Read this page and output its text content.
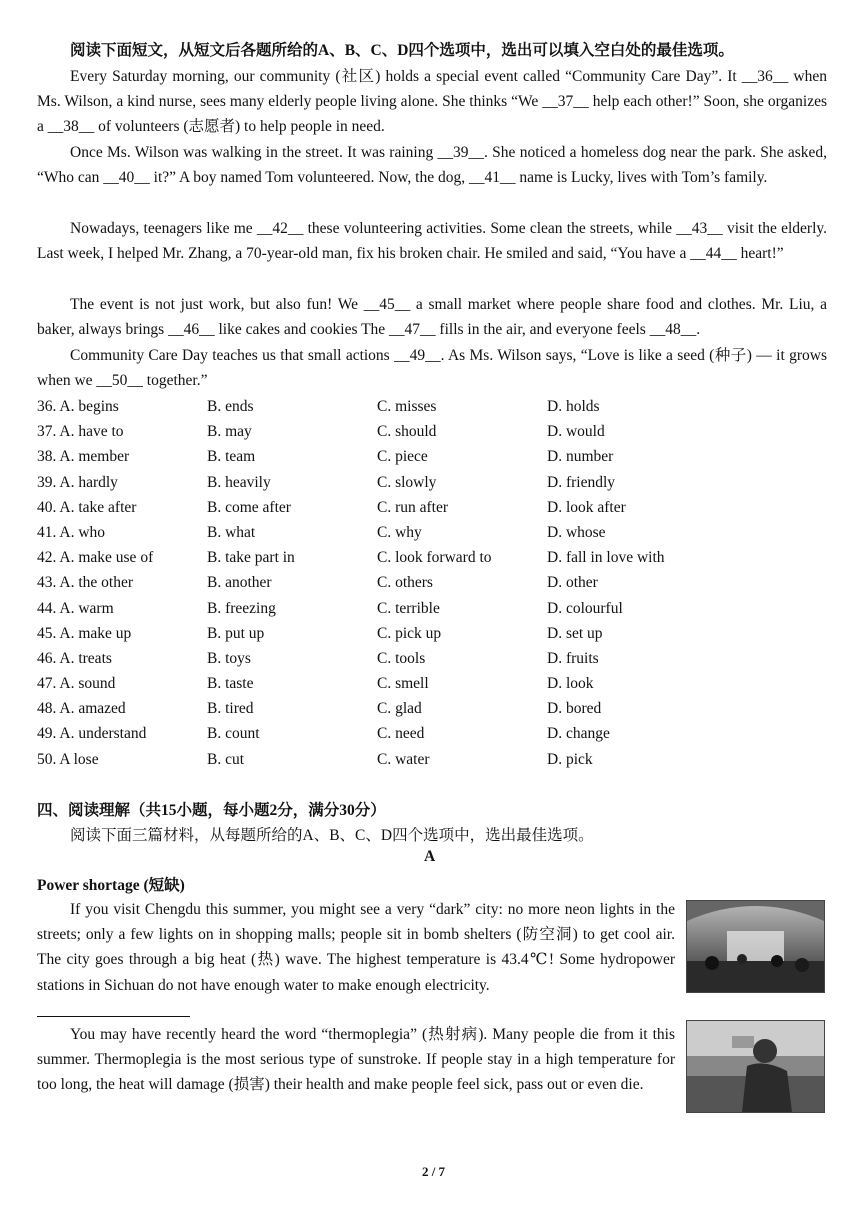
阅读下面短文，从短文后各题所给的A、B、C、D四个选项中，选出可以填入空白处的最佳选项。
Every Saturday morning, our community (社区) holds a special event called “Community Care Day”. It __36__ when Ms. Wilson, a kind nurse, sees many elderly people living alone. She thinks “We __37__ help each other!” Soon, she organizes a __38__ of volunteers (志愿者) to help people in need.
Once Ms. Wilson was walking in the street. It was raining __39__. She noticed a homeless dog near the park. She asked, “Who can __40__ it?” A boy named Tom volunteered. Now, the dog, __41__ name is Lucky, lives with Tom’s family.
Nowadays, teenagers like me __42__ these volunteering activities. Some clean the streets, while __43__ visit the elderly. Last week, I helped Mr. Zhang, a 70-year-old man, fix his broken chair. He smiled and said, “You have a __44__ heart!”
The event is not just work, but also fun! We __45__ a small market where people share food and clothes. Mr. Liu, a baker, always brings __46__ like cakes and cookies The __47__ fills in the air, and everyone feels __48__.
Community Care Day teaches us that small actions __49__. As Ms. Wilson says, “Love is like a seed (种子) — it grows when we __50__ together.”
36. A. begins	B. ends	C. misses	D. holds
37. A. have to	B. may	C. should	D. would
38. A. member	B. team	C. piece	D. number
39. A. hardly	B. heavily	C. slowly	D. friendly
40. A. take after	B. come after	C. run after	D. look after
41. A. who	B. what	C. why	D. whose
42. A. make use of	B. take part in	C. look forward to	D. fall in love with
43. A. the other	B. another	C. others	D. other
44. A. warm	B. freezing	C. terrible	D. colourful
45. A. make up	B. put up	C. pick up	D. set up
46. A. treats	B. toys	C. tools	D. fruits
47. A. sound	B. taste	C. smell	D. look
48. A. amazed	B. tired	C. glad	D. bored
49. A. understand	B. count	C. need	D. change
50. A lose	B. cut	C. water	D. pick
四、阅读理解（共15小题，每小题2分，满分30分）
阅读下面三篇材料，从每题所给的A、B、C、D四个选项中，选出最佳选项。
A
Power shortage (短缺)
If you visit Chengdu this summer, you might see a very “dark” city: no more neon lights in the streets; only a few lights on in shopping malls; people sit in bomb shelters (防空洞) to get cool air. The city goes through a big heat (热) wave. The highest temperature is 43.4℃! Some hydropower stations in Sichuan do not have enough water to make enough electricity.
You may have recently heard the word “thermoplegia” (热射病). Many people die from it this summer. Thermoplegia is the most serious type of sunstroke. If people stay in a high temperature for too long, the heat will damage (损害) their health and make people feel sick, pass out or even die.
2 / 7
